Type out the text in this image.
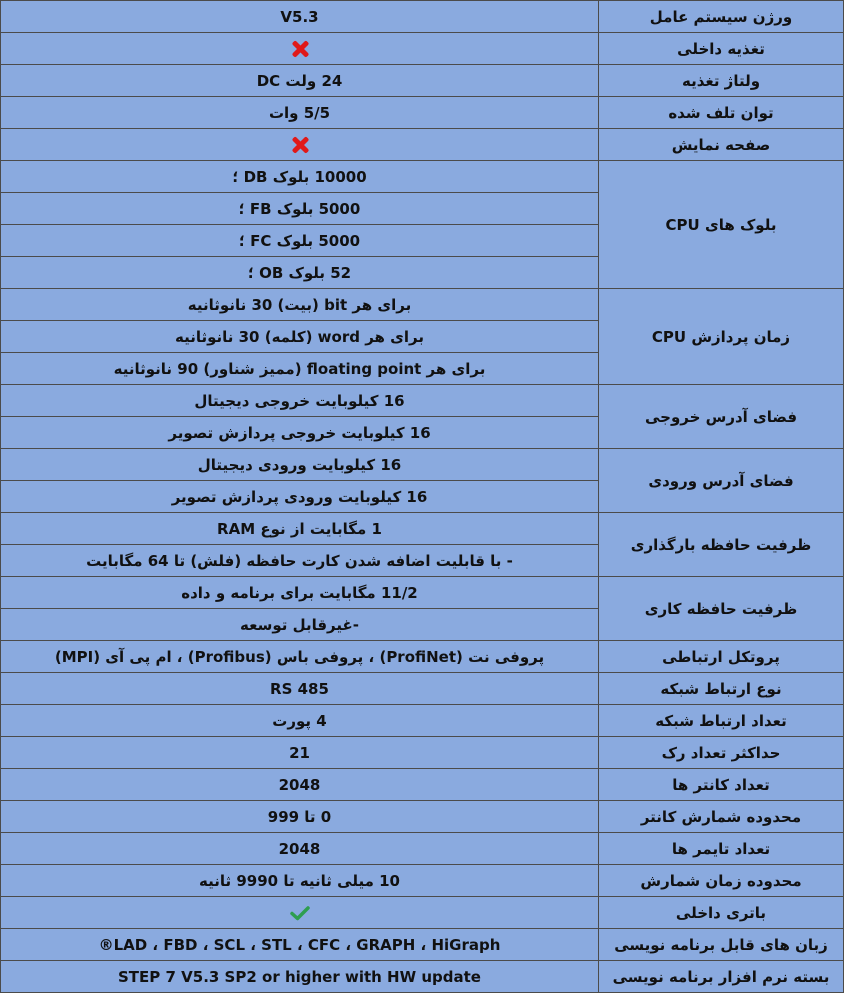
V5.3	ورژن سیستم عامل
	تغذیه داخلی
24 ولت DC	ولتاژ تغذیه
5/5 وات	توان تلف شده
	صفحه نمایش
10000 بلوک DB ؛	بلوک های CPU
5000 بلوک FB ؛	
5000 بلوک FC ؛	
52 بلوک OB ؛	
برای هر bit (بیت) 30 نانوثانیه	زمان پردازش CPU
برای هر word (کلمه) 30 نانوثانیه	
برای هر floating point (ممیز شناور) 90 نانوثانیه	
16 کیلوبایت خروجی دیجیتال	فضای آدرس خروجی
16 کیلوبایت خروجی پردازش تصویر	
16 کیلوبایت ورودی دیجیتال	فضای آدرس ورودی
16 کیلوبایت ورودی پردازش تصویر	
1 مگابایت از نوع RAM	ظرفیت حافظه بارگذاری
- با قابلیت اضافه شدن کارت حافظه (فلش) تا 64 مگابایت	
11/2 مگابایت برای برنامه و داده	ظرفیت حافظه کاری
-غیرقابل توسعه	
پروفی نت (ProfiNet) ، پروفی باس (Profibus) ، ام پی آی (MPI)	پروتکل ارتباطی
RS 485	نوع ارتباط شبکه
4 پورت	تعداد ارتباط شبکه
21	حداکثر تعداد رک
2048	تعداد کانتر ها
0 تا 999	محدوده شمارش کانتر
2048	تعداد تایمر ها
10 میلی ثانیه تا 9990 ثانیه	محدوده زمان شمارش
	باتری داخلی
LAD ، FBD ، SCL ، STL ، CFC ، GRAPH ، HiGraph®	زبان های قابل برنامه نویسی
STEP 7 V5.3 SP2 or higher with HW update	بسته نرم افزار برنامه نویسی
